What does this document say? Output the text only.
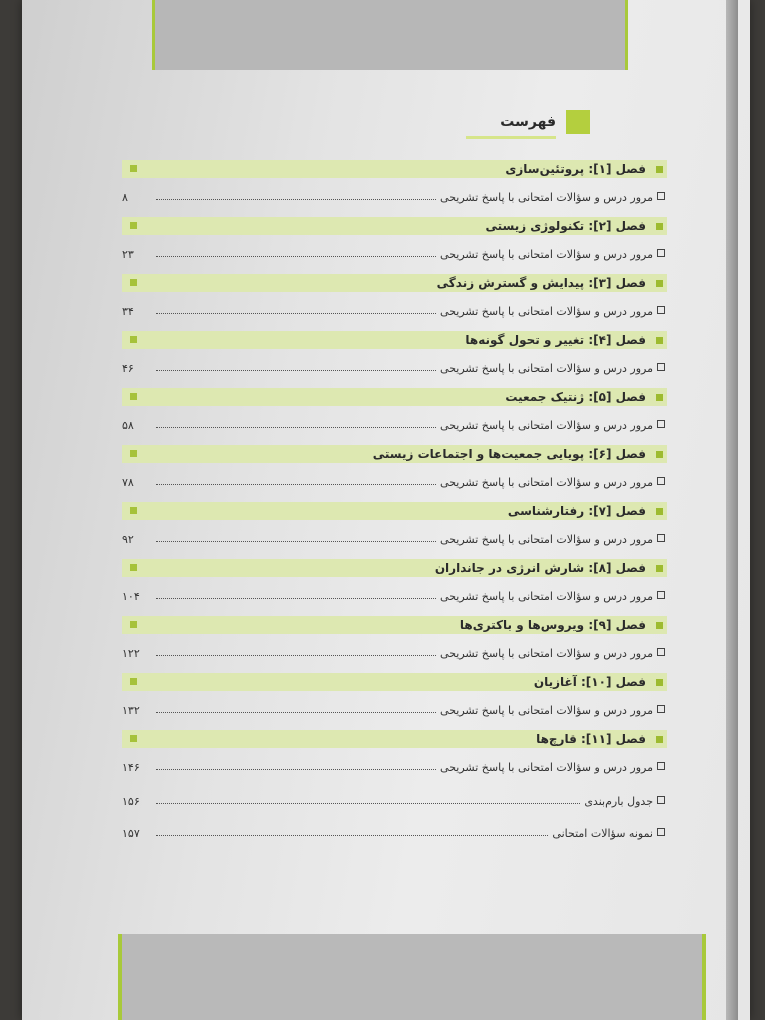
فهرست
فصل [۱]: پروتئین‌سازی
مرور درس و سؤالات امتحانی با پاسخ تشریحی
۸
فصل [۲]: تکنولوژی زیستی
مرور درس و سؤالات امتحانی با پاسخ تشریحی
۲۳
فصل [۳]: پیدایش و گسترش زندگی
مرور درس و سؤالات امتحانی با پاسخ تشریحی
۳۴
فصل [۴]: تغییر و تحول گونه‌ها
مرور درس و سؤالات امتحانی با پاسخ تشریحی
۴۶
فصل [۵]: ژنتیک جمعیت
مرور درس و سؤالات امتحانی با پاسخ تشریحی
۵۸
فصل [۶]: پویایی جمعیت‌ها و اجتماعات زیستی
مرور درس و سؤالات امتحانی با پاسخ تشریحی
۷۸
فصل [۷]: رفتارشناسی
مرور درس و سؤالات امتحانی با پاسخ تشریحی
۹۲
فصل [۸]: شارش انرژی در جانداران
مرور درس و سؤالات امتحانی با پاسخ تشریحی
۱۰۴
فصل [۹]: ویروس‌ها و باکتری‌ها
مرور درس و سؤالات امتحانی با پاسخ تشریحی
۱۲۲
فصل [۱۰]: آغازیان
مرور درس و سؤالات امتحانی با پاسخ تشریحی
۱۳۲
فصل [۱۱]: قارچ‌ها
مرور درس و سؤالات امتحانی با پاسخ تشریحی
۱۴۶
جدول بارم‌بندی
۱۵۶
نمونه سؤالات امتحانی
۱۵۷
